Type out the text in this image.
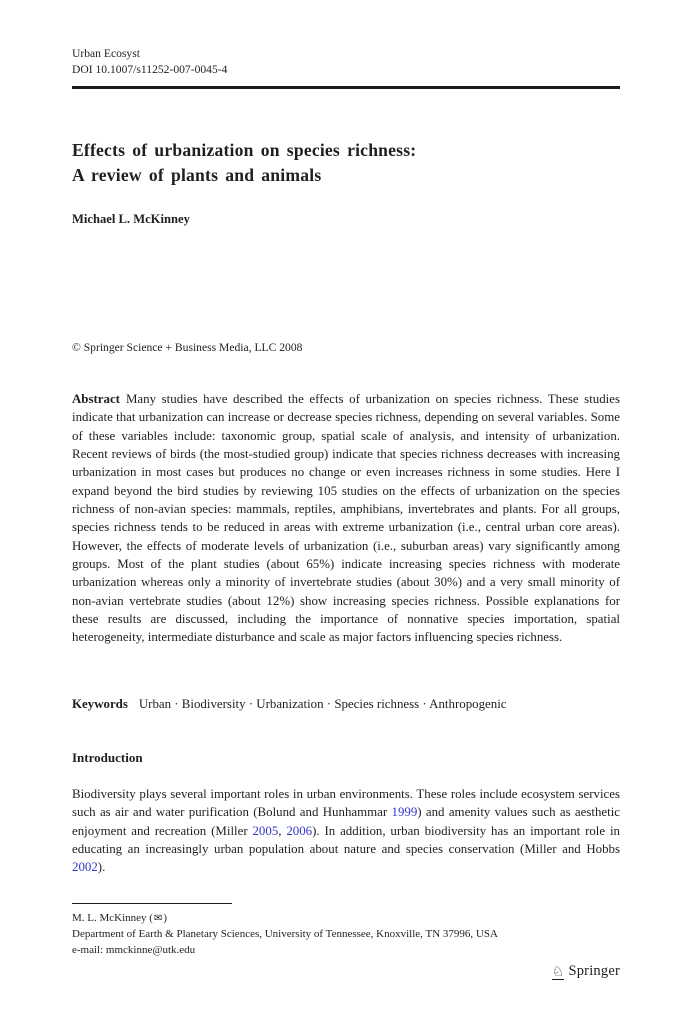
Urban Ecosyst
DOI 10.1007/s11252-007-0045-4
Effects of urbanization on species richness:
A review of plants and animals
Michael L. McKinney
© Springer Science + Business Media, LLC 2008

Abstract Many studies have described the effects of urbanization on species richness. These studies indicate that urbanization can increase or decrease species richness, depending on several variables. Some of these variables include: taxonomic group, spatial scale of analysis, and intensity of urbanization. Recent reviews of birds (the most-studied group) indicate that species richness decreases with increasing urbanization in most cases but produces no change or even increases richness in some studies. Here I expand beyond the bird studies by reviewing 105 studies on the effects of urbanization on the species richness of non-avian species: mammals, reptiles, amphibians, invertebrates and plants. For all groups, species richness tends to be reduced in areas with extreme urbanization (i.e., central urban core areas). However, the effects of moderate levels of urbanization (i.e., suburban areas) vary significantly among groups. Most of the plant studies (about 65%) indicate increasing species richness with moderate urbanization whereas only a minority of invertebrate studies (about 30%) and a very small minority of non-avian vertebrate studies (about 12%) show increasing species richness. Possible explanations for these results are discussed, including the importance of nonnative species importation, spatial heterogeneity, intermediate disturbance and scale as major factors influencing species richness.

Keywords Urban · Biodiversity · Urbanization · Species richness · Anthropogenic

Introduction

Biodiversity plays several important roles in urban environments. These roles include ecosystem services such as air and water purification (Bolund and Hunhammar 1999) and amenity values such as aesthetic enjoyment and recreation (Miller 2005, 2006). In addition, urban biodiversity has an important role in educating an increasingly urban population about nature and species conservation (Miller and Hobbs 2002).

M. L. McKinney (✉)
Department of Earth & Planetary Sciences, University of Tennessee, Knoxville, TN 37996, USA
e-mail: mmckinne@utk.edu
♘ Springer
